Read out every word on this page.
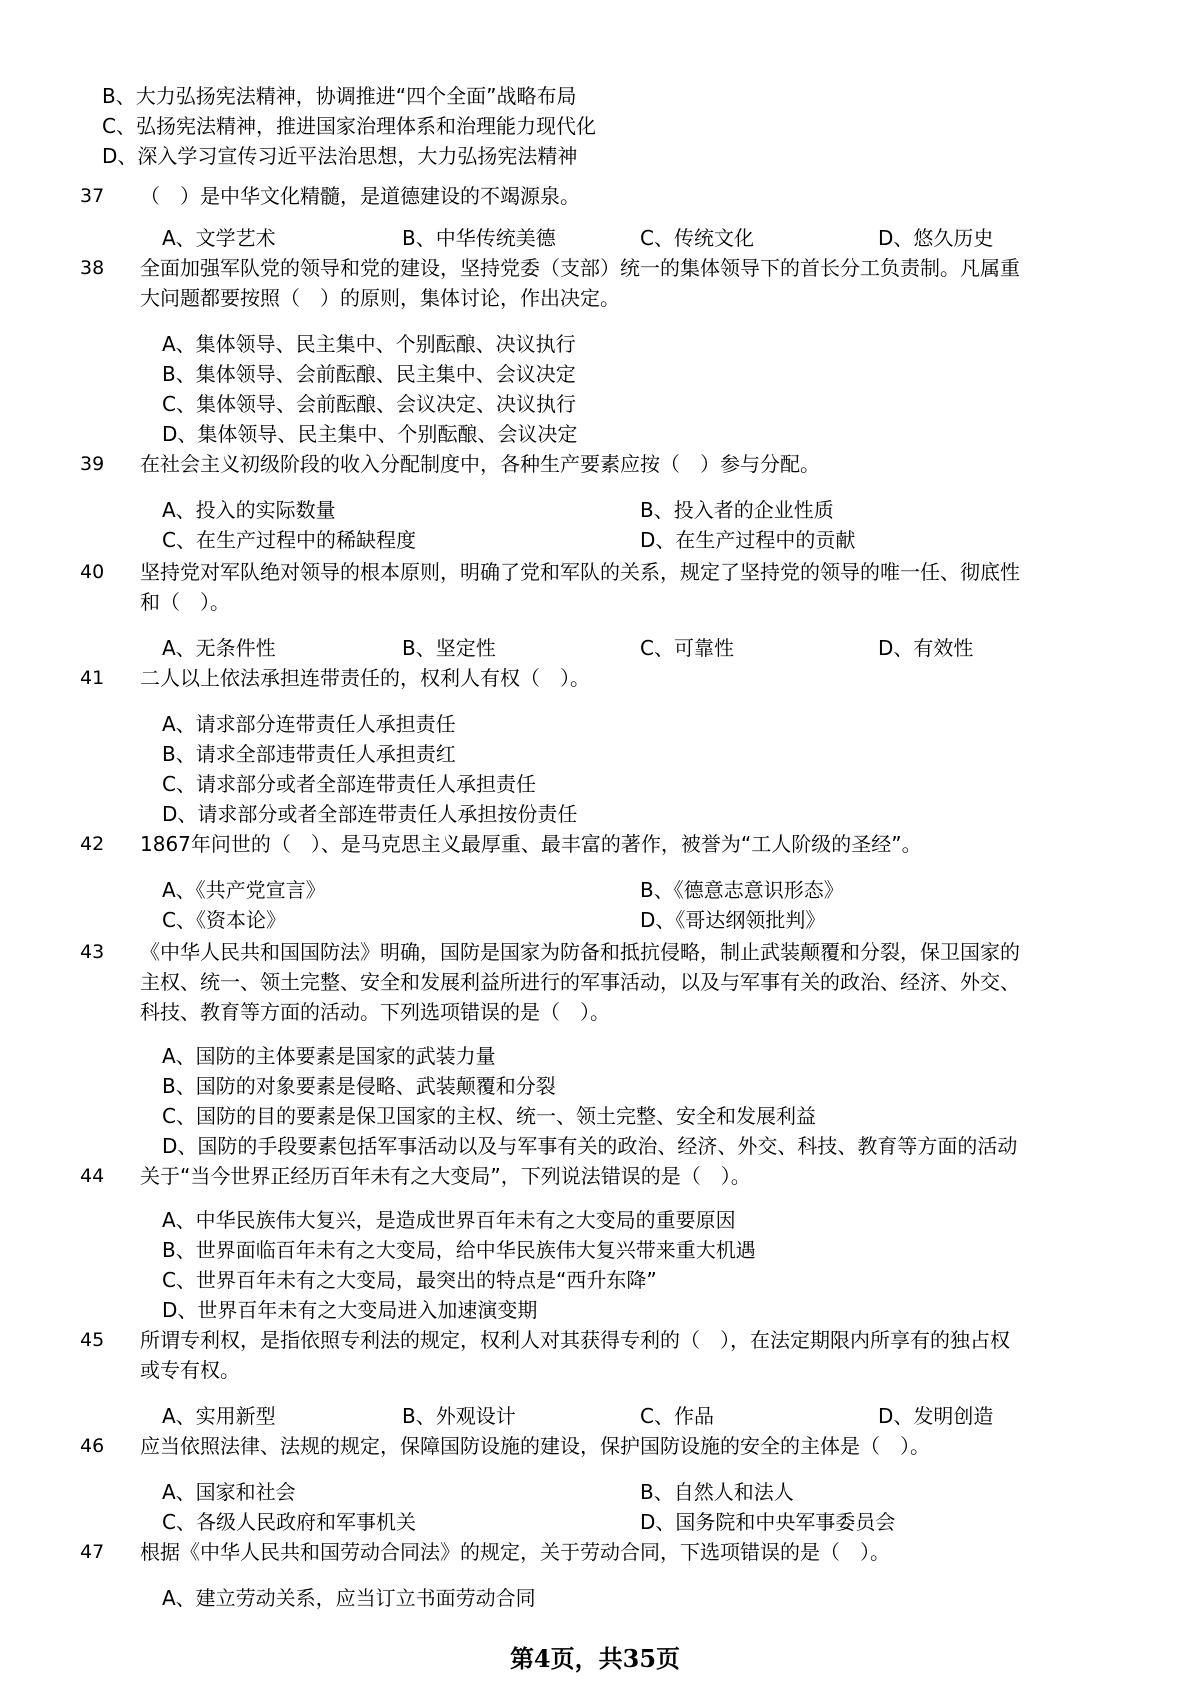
B、大力弘扬宪法精神，协调推进“四个全面”战略布局
C、弘扬宪法精神，推进国家治理体系和治理能力现代化
D、深入学习宣传习近平法治思想，大力弘扬宪法精神
37 （　）是中华文化精髓，是道德建设的不竭源泉。
A、文学艺术	B、中华传统美德	C、传统文化	D、悠久历史
38 全面加强军队党的领导和党的建设，坚持党委（支部）统一的集体领导下的首长分工负责制。凡属重
大问题都要按照（　）的原则，集体讨论，作出决定。
A、集体领导、民主集中、个别酝酿、决议执行
B、集体领导、会前酝酿、民主集中、会议决定
C、集体领导、会前酝酿、会议决定、决议执行
D、集体领导、民主集中、个别酝酿、会议决定
39 在社会主义初级阶段的收入分配制度中，各种生产要素应按（　）参与分配。
A、投入的实际数量	B、投入者的企业性质
C、在生产过程中的稀缺程度	D、在生产过程中的贡献
40 坚持党对军队绝对领导的根本原则，明确了党和军队的关系，规定了坚持党的领导的唯一任、彻底性
和（　）。
A、无条件性	B、坚定性	C、可靠性	D、有效性
41 二人以上依法承担连带责任的，权利人有权（　）。
A、请求部分连带责任人承担责任
B、请求全部违带责任人承担责红
C、请求部分或者全部连带责任人承担责任
D、请求部分或者全部连带责任人承担按份责任
42 1867年问世的（　）、是马克思主义最厚重、最丰富的著作，被誉为“工人阶级的圣经”。
A、《共产党宣言》	B、《德意志意识形态》
C、《资本论》	D、《哥达纲领批判》
43 《中华人民共和国国防法》明确，国防是国家为防备和抵抗侵略，制止武装颠覆和分裂，保卫国家的
主权、统一、领土完整、安全和发展利益所进行的军事活动，以及与军事有关的政治、经济、外交、
科技、教育等方面的活动。下列选项错误的是（　）。
A、国防的主体要素是国家的武装力量
B、国防的对象要素是侵略、武装颠覆和分裂
C、国防的目的要素是保卫国家的主权、统一、领土完整、安全和发展利益
D、国防的手段要素包括军事活动以及与军事有关的政治、经济、外交、科技、教育等方面的活动
44 关于“当今世界正经历百年未有之大变局”，下列说法错误的是（　）。
A、中华民族伟大复兴，是造成世界百年未有之大变局的重要原因
B、世界面临百年未有之大变局，给中华民族伟大复兴带来重大机遇
C、世界百年未有之大变局，最突出的特点是“西升东降”
D、世界百年未有之大变局进入加速演变期
45 所谓专利权，是指依照专利法的规定，权利人对其获得专利的（　），在法定期限内所享有的独占权
或专有权。
A、实用新型	B、外观设计	C、作品	D、发明创造
46 应当依照法律、法规的规定，保障国防设施的建设，保护国防设施的安全的主体是（　）。
A、国家和社会	B、自然人和法人
C、各级人民政府和军事机关	D、国务院和中央军事委员会
47 根据《中华人民共和国劳动合同法》的规定，关于劳动合同，下选项错误的是（　）。
A、建立劳动关系，应当订立书面劳动合同
第4页，共35页
